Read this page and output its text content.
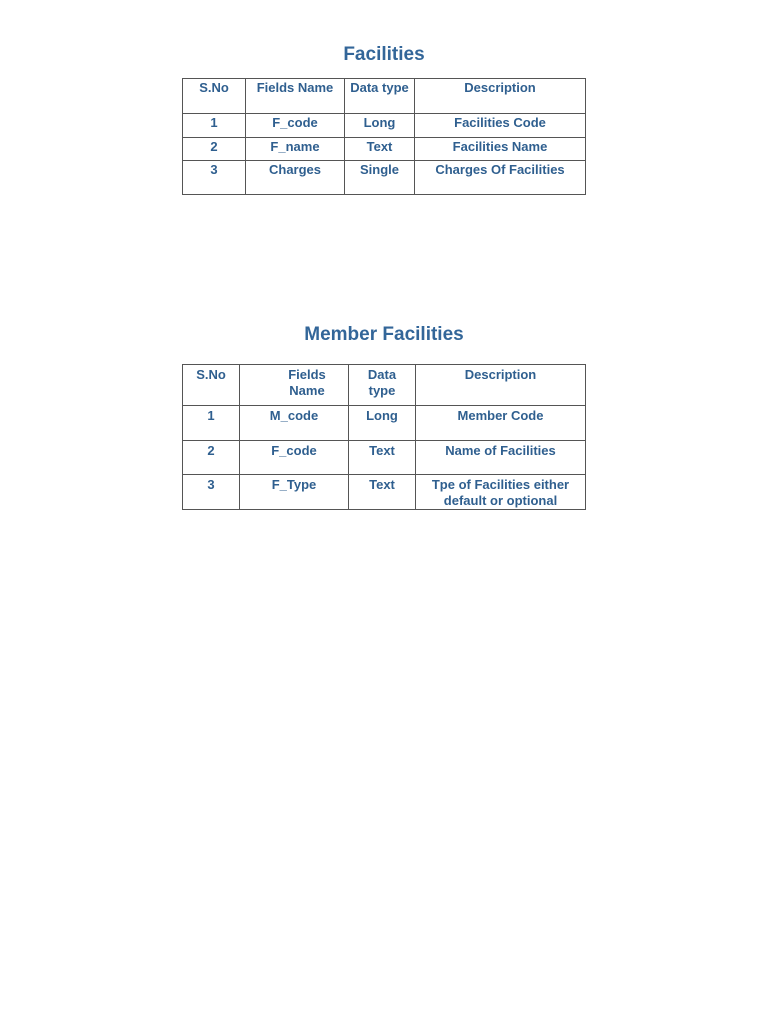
Facilities
S.No	Fields Name	Data type	Description
1	F_code	Long	Facilities Code
2	F_name	Text	Facilities Name
3	Charges	Single	Charges Of Facilities
Member Facilities
S.No	Fields Name	Data type	Description
1	M_code	Long	Member Code
2	F_code	Text	Name of Facilities
3	F_Type	Text	Tpe of Facilities either default or optional
